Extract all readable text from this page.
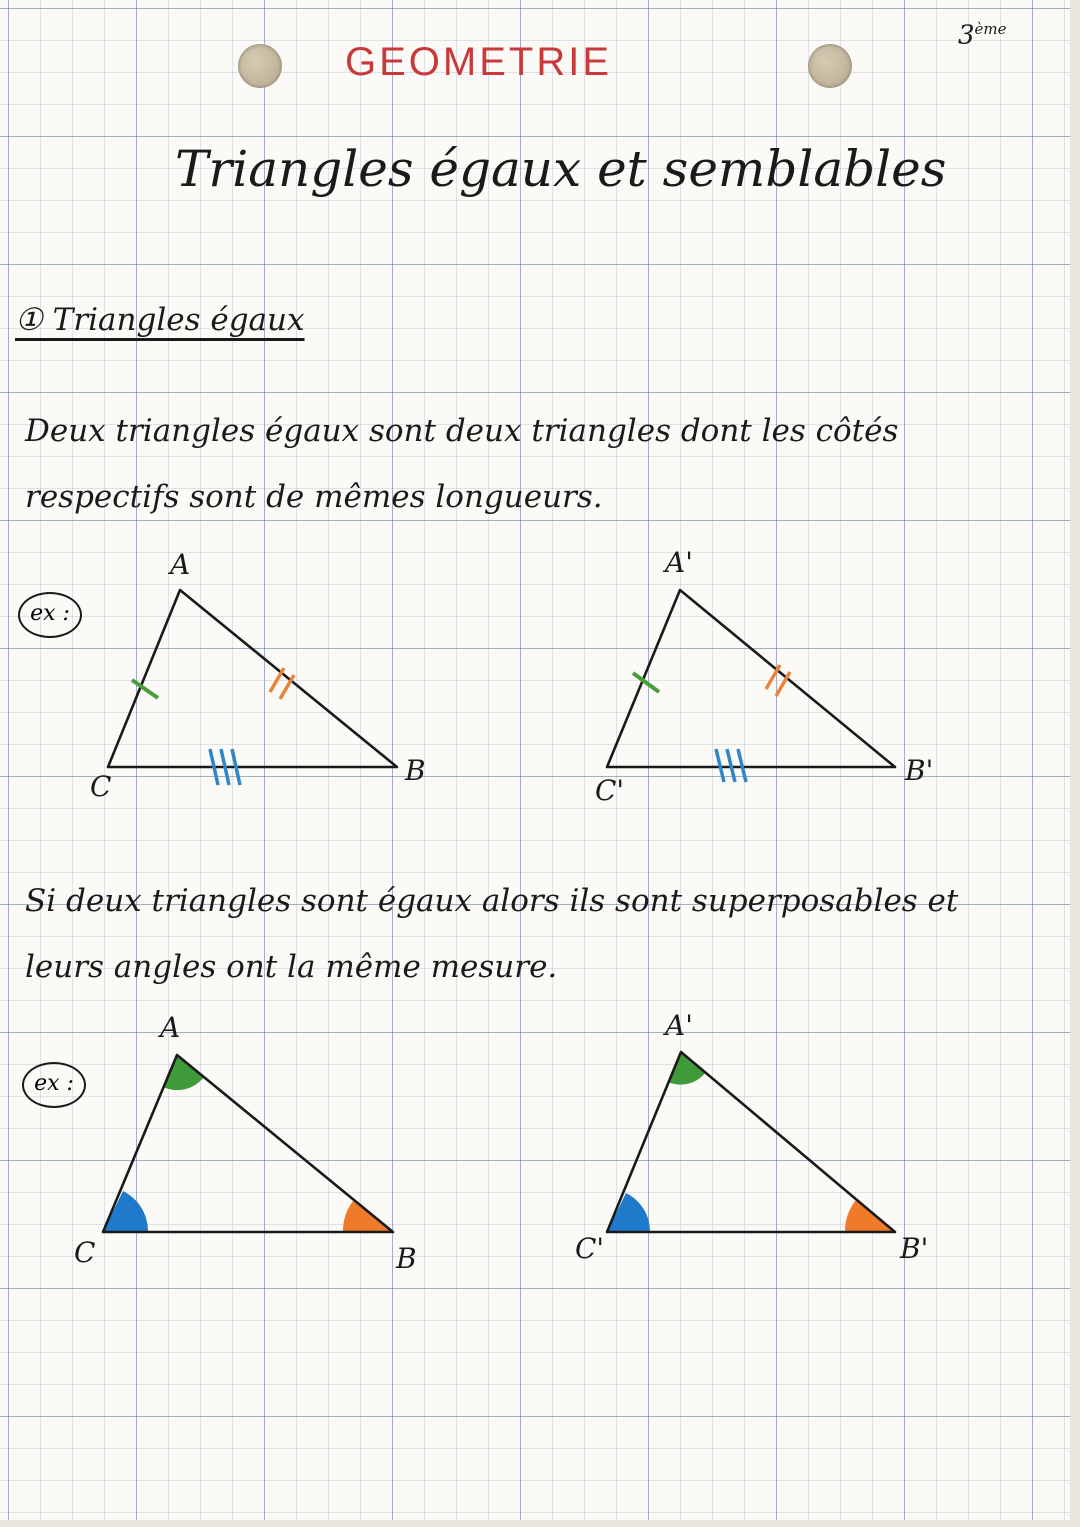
GEOMETRIE

3ème

Triangles égaux et semblables

① Triangles égaux

Deux triangles égaux sont deux triangles dont les côtés respectifs sont de mêmes longueurs.

Si deux triangles sont égaux alors ils sont superposables et leurs angles ont la même mesure.

ex :
ex :
A
B
C
A'
B'
C'
A
B
C
A'
B'
C'
